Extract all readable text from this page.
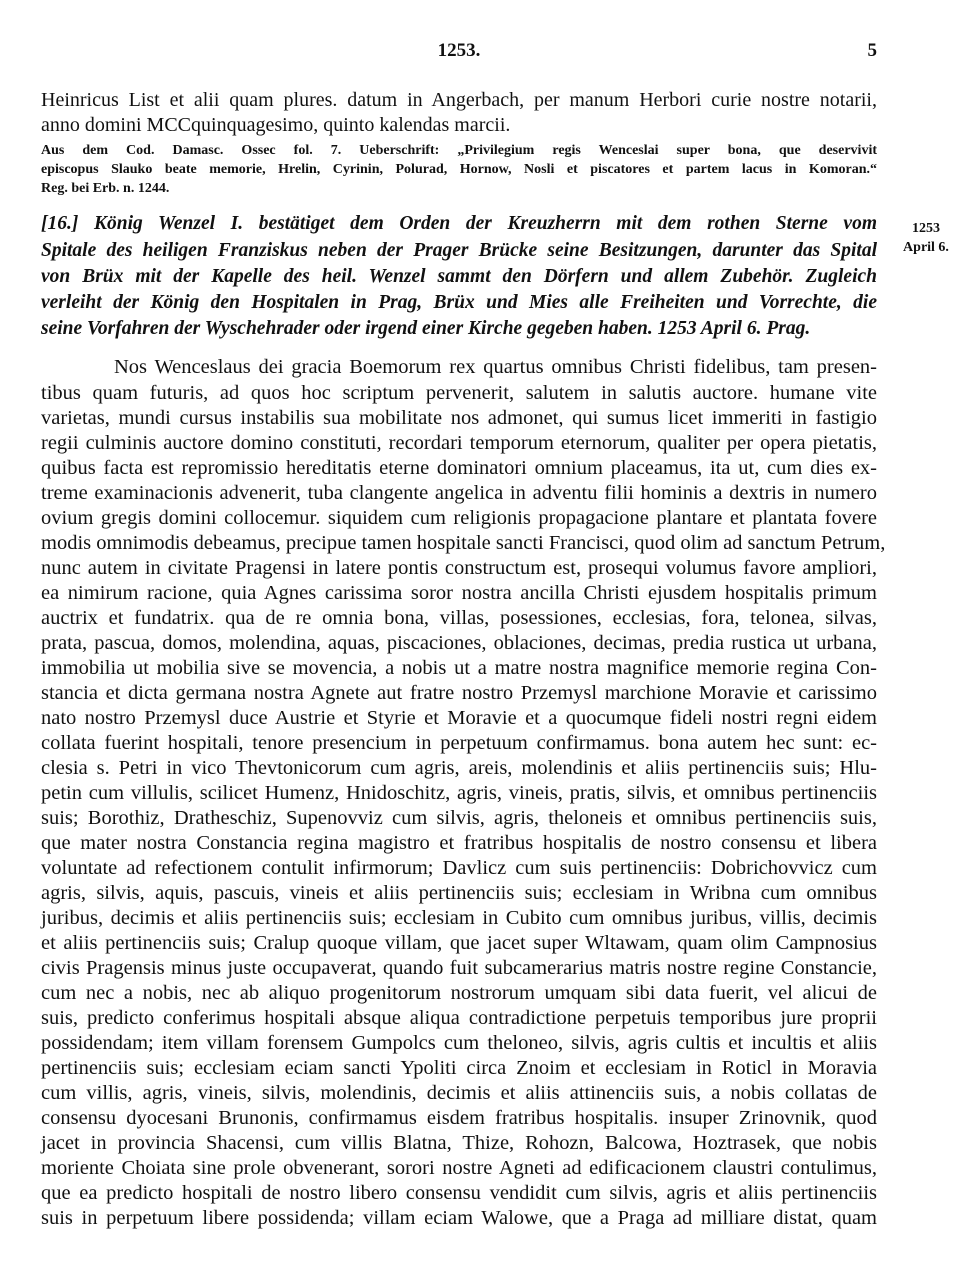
1253.	5
Heinricus List et alii quam plures. datum in Angerbach, per manum Herbori curie nostre notarii,
anno domini MCCquinquagesimo, quinto kalendas marcii.
Aus dem Cod. Damasc. Ossec fol. 7. Ueberschrift: „Privilegium regis Wenceslai super bona, que deservivit
episcopus Slauko beate memorie, Hrelin, Cyrinin, Polurad, Hornow, Nosli et piscatores et partem lacus in Komoran.“
Reg. bei Erb. n. 1244.
1253
April 6.
[16.] König Wenzel I. bestätiget dem Orden der Kreuzherrn mit dem rothen Sterne vom
Spitale des heiligen Franziskus neben der Prager Brücke seine Besitzungen, darunter das Spital
von Brüx mit der Kapelle des heil. Wenzel sammt den Dörfern und allem Zubehör. Zugleich
verleiht der König den Hospitalen in Prag, Brüx und Mies alle Freiheiten und Vorrechte, die
seine Vorfahren der Wyschehrader oder irgend einer Kirche gegeben haben. 1253 April 6. Prag.
Nos Wenceslaus dei gracia Boemorum rex quartus omnibus Christi fidelibus, tam presen-
tibus quam futuris, ad quos hoc scriptum pervenerit, salutem in salutis auctore. humane vite
varietas, mundi cursus instabilis sua mobilitate nos admonet, qui sumus licet immeriti in fastigio
regii culminis auctore domino constituti, recordari temporum eternorum, qualiter per opera pietatis,
quibus facta est repromissio hereditatis eterne dominatori omnium placeamus, ita ut, cum dies ex-
treme examinacionis advenerit, tuba clangente angelica in adventu filii hominis a dextris in numero
ovium gregis domini collocemur. siquidem cum religionis propagacione plantare et plantata fovere
modis omnimodis debeamus, precipue tamen hospitale sancti Francisci, quod olim ad sanctum Petrum,
nunc autem in civitate Pragensi in latere pontis constructum est, prosequi volumus favore ampliori,
ea nimirum racione, quia Agnes carissima soror nostra ancilla Christi ejusdem hospitalis primum
auctrix et fundatrix. qua de re omnia bona, villas, posessiones, ecclesias, fora, telonea, silvas,
prata, pascua, domos, molendina, aquas, piscaciones, oblaciones, decimas, predia rustica ut urbana,
immobilia ut mobilia sive se movencia, a nobis ut a matre nostra magnifice memorie regina Con-
stancia et dicta germana nostra Agnete aut fratre nostro Przemysl marchione Moravie et carissimo
nato nostro Przemysl duce Austrie et Styrie et Moravie et a quocumque fideli nostri regni eidem
collata fuerint hospitali, tenore presencium in perpetuum confirmamus. bona autem hec sunt: ec-
clesia s. Petri in vico Thevtonicorum cum agris, areis, molendinis et aliis pertinenciis suis; Hlu-
petin cum villulis, scilicet Humenz, Hnidoschitz, agris, vineis, pratis, silvis, et omnibus pertinenciis
suis; Borothiz, Dratheschiz, Supenovviz cum silvis, agris, theloneis et omnibus pertinenciis suis,
que mater nostra Constancia regina magistro et fratribus hospitalis de nostro consensu et libera
voluntate ad refectionem contulit infirmorum; Davlicz cum suis pertinenciis: Dobrichovvicz cum
agris, silvis, aquis, pascuis, vineis et aliis pertinenciis suis; ecclesiam in Wribna cum omnibus
juribus, decimis et aliis pertinenciis suis; ecclesiam in Cubito cum omnibus juribus, villis, decimis
et aliis pertinenciis suis; Cralup quoque villam, que jacet super Wltawam, quam olim Campnosius
civis Pragensis minus juste occupaverat, quando fuit subcamerarius matris nostre regine Constancie,
cum nec a nobis, nec ab aliquo progenitorum nostrorum umquam sibi data fuerit, vel alicui de
suis, predicto conferimus hospitali absque aliqua contradictione perpetuis temporibus jure proprii
possidendam; item villam forensem Gumpolcs cum theloneo, silvis, agris cultis et incultis et aliis
pertinenciis suis; ecclesiam eciam sancti Ypoliti circa Znoim et ecclesiam in Roticl in Moravia
cum villis, agris, vineis, silvis, molendinis, decimis et aliis attinenciis suis, a nobis collatas de
consensu dyocesani Brunonis, confirmamus eisdem fratribus hospitalis. insuper Zrinovnik, quod
jacet in provincia Shacensi, cum villis Blatna, Thize, Rohozn, Balcowa, Hoztrasek, que nobis
moriente Choiata sine prole obvenerant, sorori nostre Agneti ad edificacionem claustri contulimus,
que ea predicto hospitali de nostro libero consensu vendidit cum silvis, agris et aliis pertinenciis
suis in perpetuum libere possidenda; villam eciam Walowe, que a Praga ad milliare distat, quam
